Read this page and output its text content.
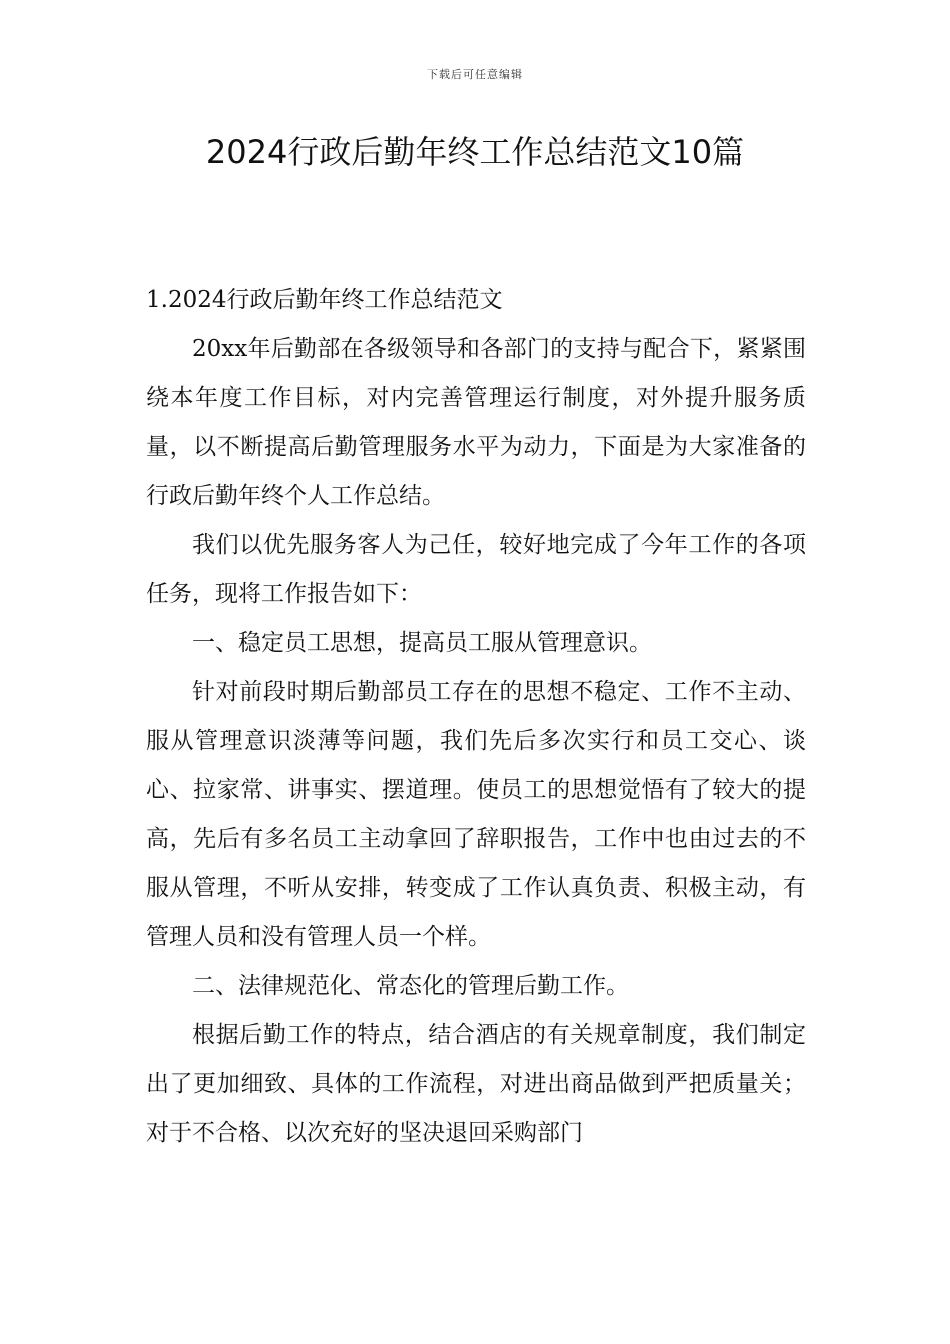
下载后可任意编辑
2024行政后勤年终工作总结范文10篇

1.2024行政后勤年终工作总结范文

20xx年后勤部在各级领导和各部门的支持与配合下，紧紧围绕本年度工作目标，对内完善管理运行制度，对外提升服务质量，以不断提高后勤管理服务水平为动力，下面是为大家准备的行政后勤年终个人工作总结。

我们以优先服务客人为己任，较好地完成了今年工作的各项任务，现将工作报告如下：

一、稳定员工思想，提高员工服从管理意识。

针对前段时期后勤部员工存在的思想不稳定、工作不主动、服从管理意识淡薄等问题，我们先后多次实行和员工交心、谈心、拉家常、讲事实、摆道理。使员工的思想觉悟有了较大的提高，先后有多名员工主动拿回了辞职报告，工作中也由过去的不服从管理，不听从安排，转变成了工作认真负责、积极主动，有管理人员和没有管理人员一个样。

二、法律规范化、常态化的管理后勤工作。

根据后勤工作的特点，结合酒店的有关规章制度，我们制定出了更加细致、具体的工作流程，对进出商品做到严把质量关；对于不合格、以次充好的坚决退回采购部门
